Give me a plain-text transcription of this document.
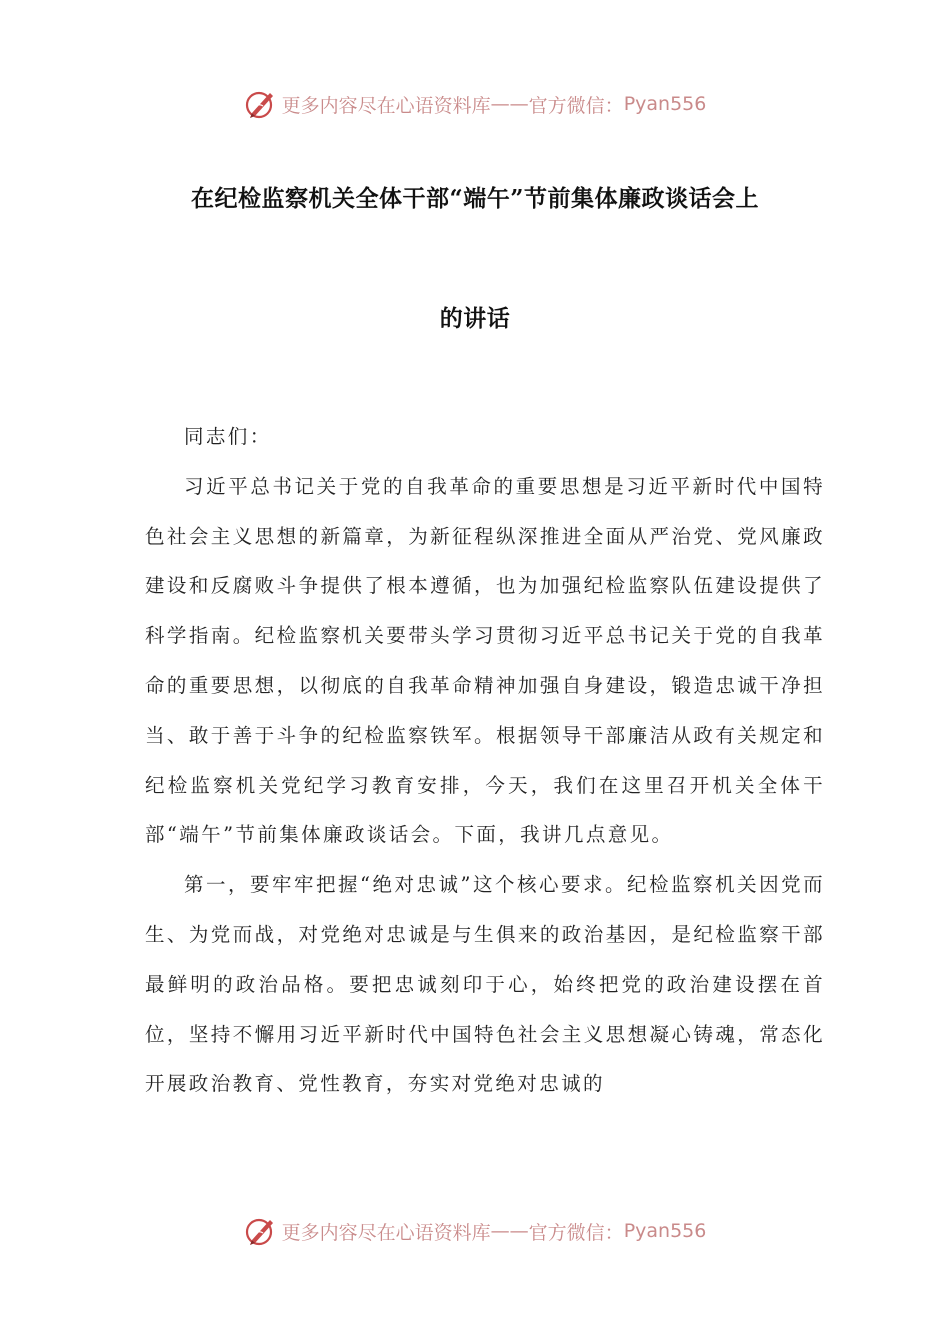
更多内容尽在心语资料库 —— 官方微信： Pyan556
在纪检监察机关全体干部“端午”节前集体廉政谈话会上
的讲话

同志们：

习近平总书记关于党的自我革命的重要思想是习近平新时代中国特色社会主义思想的新篇章，为新征程纵深推进全面从严治党、党风廉政建设和反腐败斗争提供了根本遵循，也为加强纪检监察队伍建设提供了科学指南。纪检监察机关要带头学习贯彻习近平总书记关于党的自我革命的重要思想，以彻底的自我革命精神加强自身建设，锻造忠诚干净担当、敢于善于斗争的纪检监察铁军。根据领导干部廉洁从政有关规定和纪检监察机关党纪学习教育安排，今天，我们在这里召开机关全体干部“端午”节前集体廉政谈话会。下面，我讲几点意见。

第一，要牢牢把握“绝对忠诚”这个核心要求。纪检监察机关因党而生、为党而战，对党绝对忠诚是与生俱来的政治基因，是纪检监察干部最鲜明的政治品格。要把忠诚刻印于心，始终把党的政治建设摆在首位，坚持不懈用习近平新时代中国特色社会主义思想凝心铸魂，常态化开展政治教育、党性教育，夯实对党绝对忠诚的

更多内容尽在心语资料库 —— 官方微信： Pyan556
